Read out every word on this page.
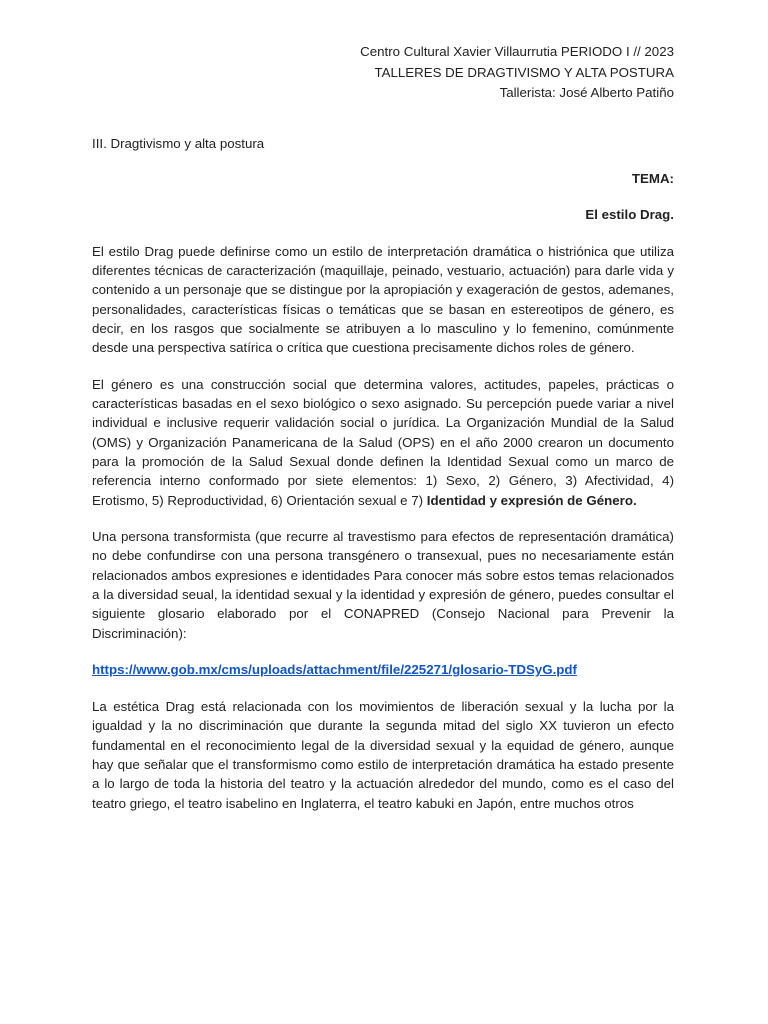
Centro Cultural Xavier Villaurrutia PERIODO I // 2023
TALLERES DE DRAGTIVISMO Y ALTA POSTURA
Tallerista: José Alberto Patiño
III. Dragtivismo y alta postura
TEMA:
El estilo Drag.

El estilo Drag puede definirse como un estilo de interpretación dramática o histriónica que utiliza diferentes técnicas de caracterización (maquillaje, peinado, vestuario, actuación) para darle vida y contenido a un personaje que se distingue por la apropiación y exageración de gestos, ademanes, personalidades, características físicas o temáticas que se basan en estereotipos de género, es decir, en los rasgos que socialmente se atribuyen a lo masculino y lo femenino, comúnmente desde una perspectiva satírica o crítica que cuestiona precisamente dichos roles de género.

El género es una construcción social que determina valores, actitudes, papeles, prácticas o características basadas en el sexo biológico o sexo asignado. Su percepción puede variar a nivel individual e inclusive requerir validación social o jurídica. La Organización Mundial de la Salud (OMS) y Organización Panamericana de la Salud (OPS) en el año 2000 crearon un documento para la promoción de la Salud Sexual donde definen la Identidad Sexual como un marco de referencia interno conformado por siete elementos: 1) Sexo, 2) Género, 3) Afectividad, 4) Erotismo, 5) Reproductividad, 6) Orientación sexual e 7) Identidad y expresión de Género.

Una persona transformista (que recurre al travestismo para efectos de representación dramática) no debe confundirse con una persona transgénero o transexual, pues no necesariamente están relacionados ambos expresiones e identidades Para conocer más sobre estos temas relacionados a la diversidad seual, la identidad sexual y la identidad y expresión de género, puedes consultar el siguiente glosario elaborado por el CONAPRED (Consejo Nacional para Prevenir la Discriminación):

https://www.gob.mx/cms/uploads/attachment/file/225271/glosario-TDSyG.pdf

La estética Drag está relacionada con los movimientos de liberación sexual y la lucha por la igualdad y la no discriminación que durante la segunda mitad del siglo XX tuvieron un efecto fundamental en el reconocimiento legal de la diversidad sexual y la equidad de género, aunque hay que señalar que el transformismo como estilo de interpretación dramática ha estado presente a lo largo de toda la historia del teatro y la actuación alrededor del mundo, como es el caso del teatro griego, el teatro isabelino en Inglaterra, el teatro kabuki en Japón, entre muchos otros
